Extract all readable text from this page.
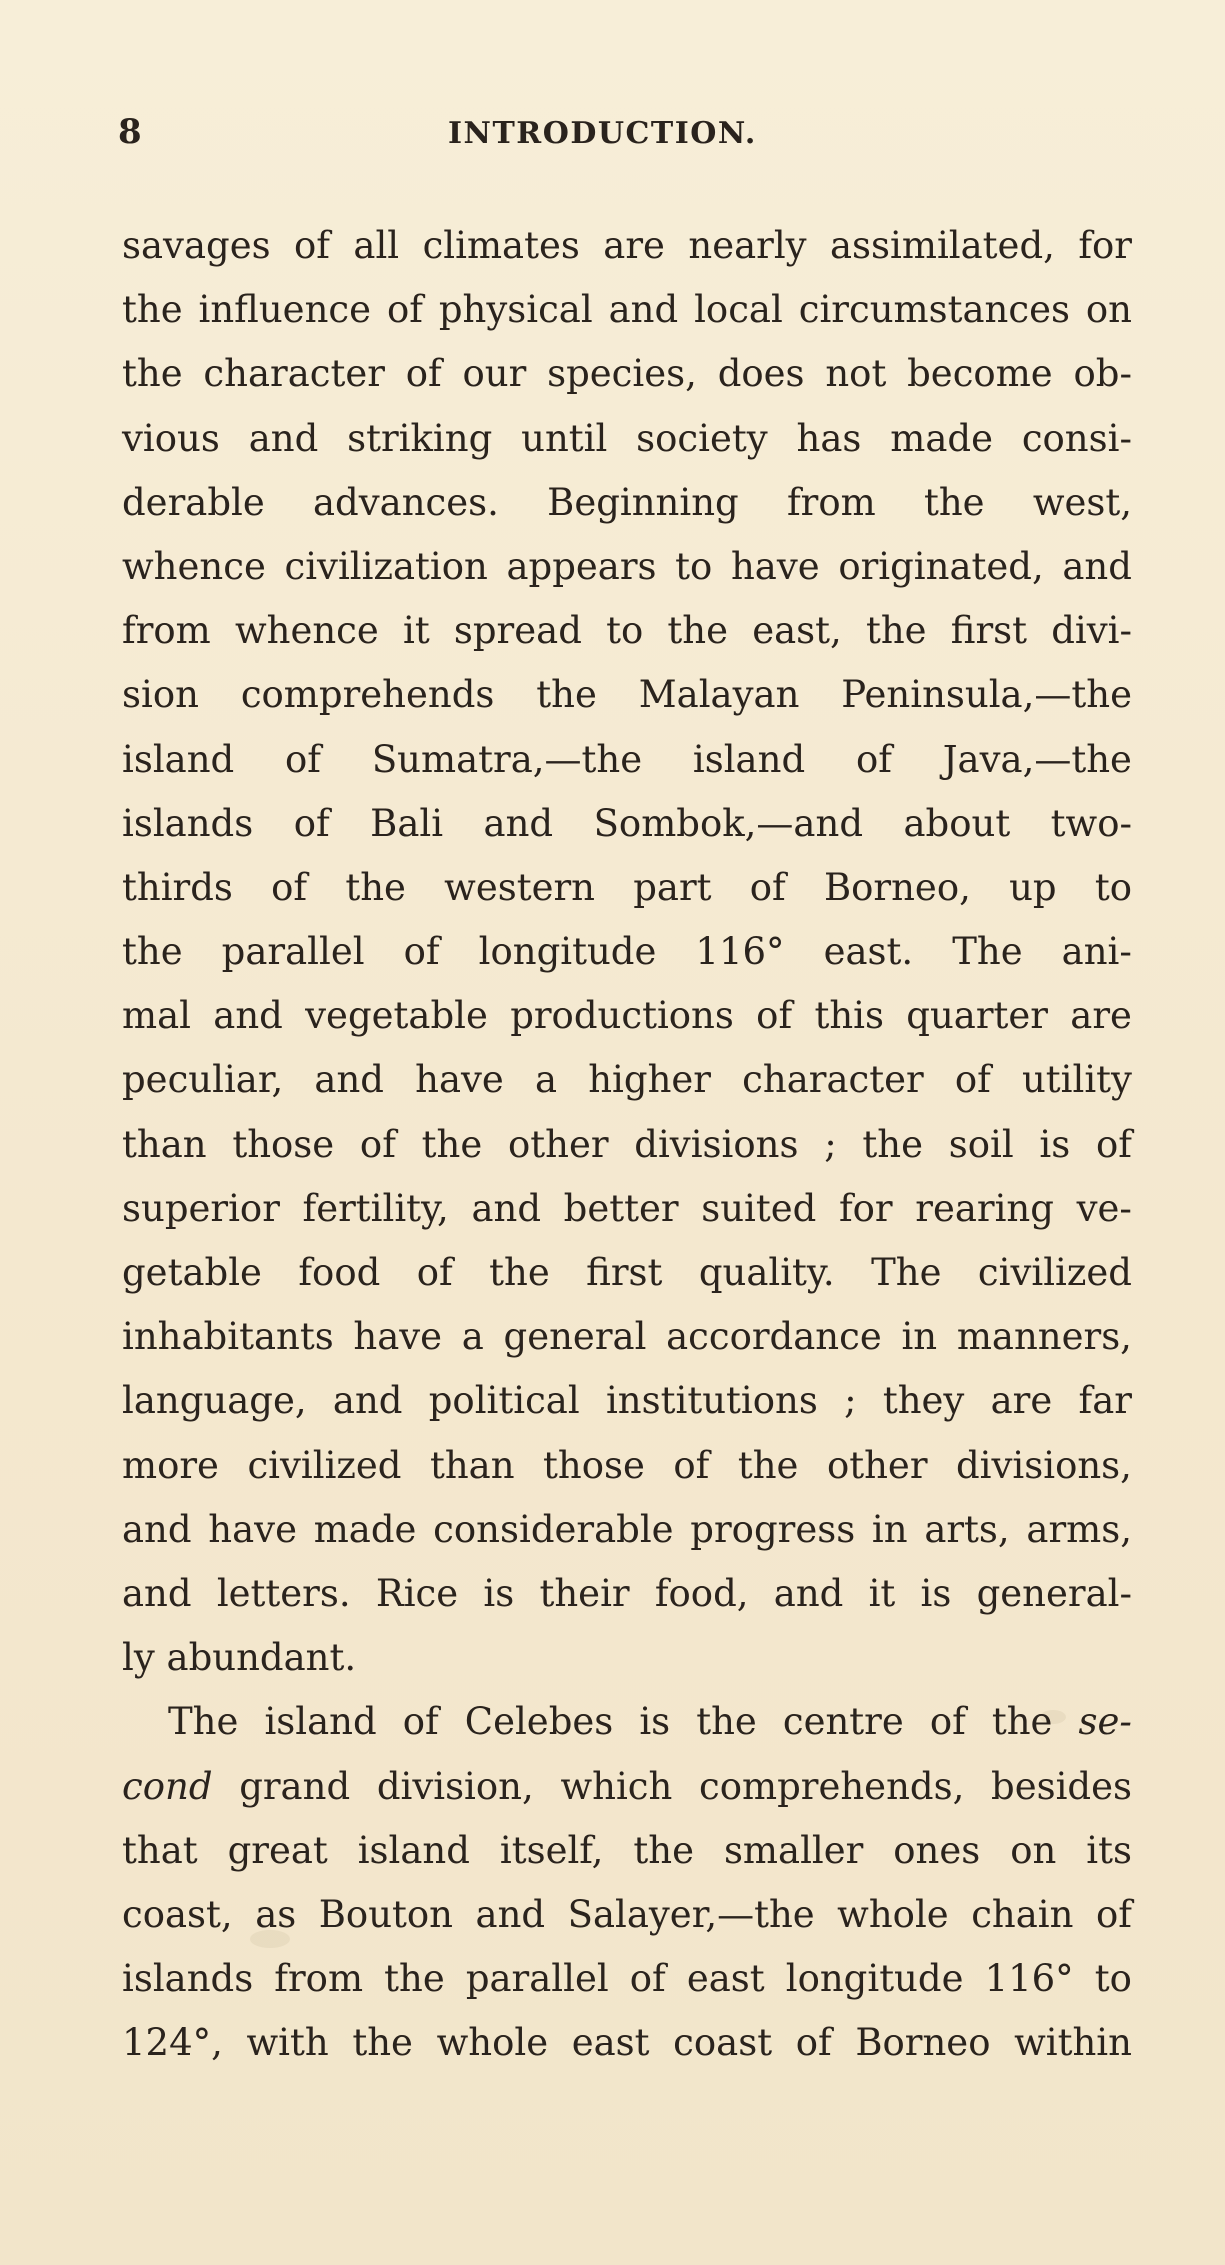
8	INTRODUCTION.
savages of all climates are nearly assimilated, for
the influence of physical and local circumstances on
the character of our species, does not become ob-
vious and striking until society has made consi-
derable advances. Beginning from the west,
whence civilization appears to have originated, and
from whence it spread to the east, the first divi-
sion comprehends the Malayan Peninsula,—the
island of Sumatra,—the island of Java,—the
islands of Bali and Sombok,—and about two-
thirds of the western part of Borneo, up to
the parallel of longitude 116° east. The ani-
mal and vegetable productions of this quarter are
peculiar, and have a higher character of utility
than those of the other divisions ; the soil is of
superior fertility, and better suited for rearing ve-
getable food of the first quality. The civilized
inhabitants have a general accordance in manners,
language, and political institutions ; they are far
more civilized than those of the other divisions,
and have made considerable progress in arts, arms,
and letters. Rice is their food, and it is general-
ly
abundant.
The island of Celebes is the centre of the se-
cond grand division, which comprehends, besides
that great island itself, the smaller ones on its
coast, as Bouton and Salayer,—the whole chain of
islands from the parallel of east longitude 116° to
124°, with the whole east coast of Borneo within
